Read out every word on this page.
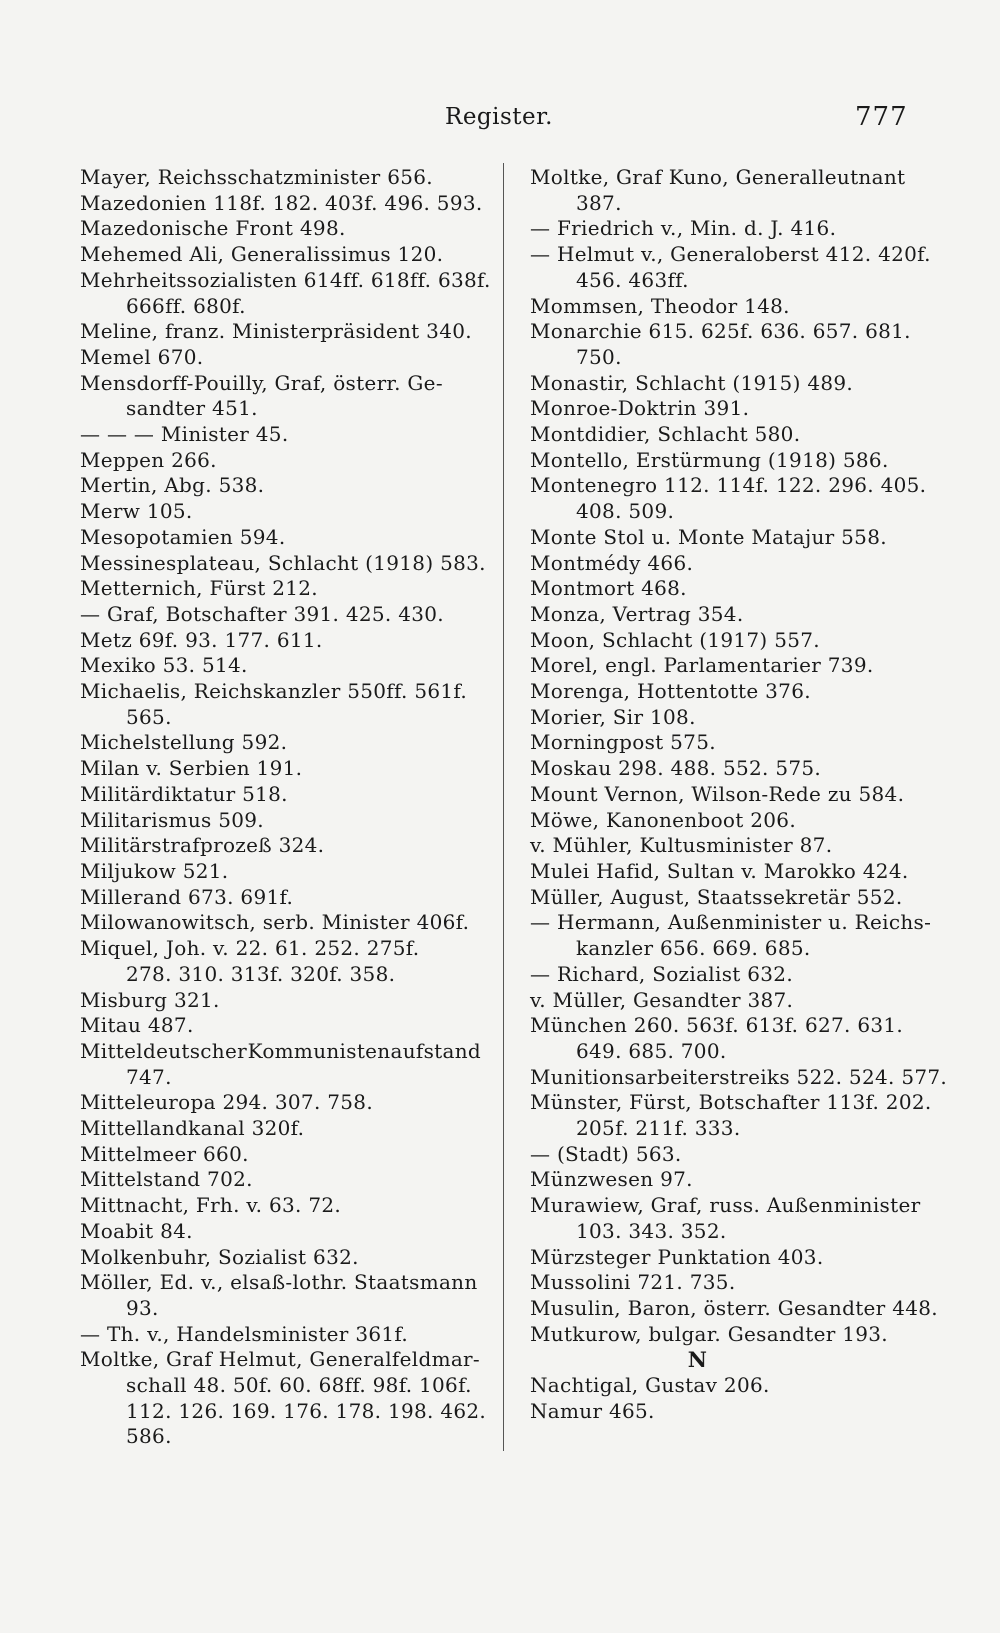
Register.	777
Mayer, Reichsschatzminister 656.
Mazedonien 118f. 182. 403f. 496. 593.
Mazedonische Front 498.
Mehemed Ali, Generalissimus 120.
Mehrheitssozialisten 614ff. 618ff. 638f.
666ff. 680f.
Meline, franz. Ministerpräsident 340.
Memel 670.
Mensdorff-Pouilly, Graf, österr. Ge-
sandter 451.
— — — Minister 45.
Meppen 266.
Mertin, Abg. 538.
Merw 105.
Mesopotamien 594.
Messinesplateau, Schlacht (1918) 583.
Metternich, Fürst 212.
— Graf, Botschafter 391. 425. 430.
Metz 69f. 93. 177. 611.
Mexiko 53. 514.
Michaelis, Reichskanzler 550ff. 561f.
565.
Michelstellung 592.
Milan v. Serbien 191.
Militärdiktatur 518.
Militarismus 509.
Militärstrafprozeß 324.
Miljukow 521.
Millerand 673. 691f.
Milowanowitsch, serb. Minister 406f.
Miquel, Joh. v. 22. 61. 252. 275f.
278. 310. 313f. 320f. 358.
Misburg 321.
Mitau 487.
Mitteldeutscher Kommunistenaufstand
747.
Mitteleuropa 294. 307. 758.
Mittellandkanal 320f.
Mittelmeer 660.
Mittelstand 702.
Mittnacht, Frh. v. 63. 72.
Moabit 84.
Molkenbuhr, Sozialist 632.
Möller, Ed. v., elsaß-lothr. Staatsmann
93.
— Th. v., Handelsminister 361f.
Moltke, Graf Helmut, Generalfeldmar-
schall 48. 50f. 60. 68ff. 98f. 106f.
112. 126. 169. 176. 178. 198. 462.
586.
Moltke, Graf Kuno, Generalleutnant
387.
— Friedrich v., Min. d. J. 416.
— Helmut v., Generaloberst 412. 420f.
456. 463ff.
Mommsen, Theodor 148.
Monarchie 615. 625f. 636. 657. 681.
750.
Monastir, Schlacht (1915) 489.
Monroe-Doktrin 391.
Montdidier, Schlacht 580.
Montello, Erstürmung (1918) 586.
Montenegro 112. 114f. 122. 296. 405.
408. 509.
Monte Stol u. Monte Matajur 558.
Montmédy 466.
Montmort 468.
Monza, Vertrag 354.
Moon, Schlacht (1917) 557.
Morel, engl. Parlamentarier 739.
Morenga, Hottentotte 376.
Morier, Sir 108.
Morningpost 575.
Moskau 298. 488. 552. 575.
Mount Vernon, Wilson-Rede zu 584.
Möwe, Kanonenboot 206.
v. Mühler, Kultusminister 87.
Mulei Hafid, Sultan v. Marokko 424.
Müller, August, Staatssekretär 552.
— Hermann, Außenminister u. Reichs-
kanzler 656. 669. 685.
— Richard, Sozialist 632.
v. Müller, Gesandter 387.
München 260. 563f. 613f. 627. 631.
649. 685. 700.
Munitionsarbeiterstreiks 522. 524. 577.
Münster, Fürst, Botschafter 113f. 202.
205f. 211f. 333.
— (Stadt) 563.
Münzwesen 97.
Murawiew, Graf, russ. Außenminister
103. 343. 352.
Mürzsteger Punktation 403.
Mussolini 721. 735.
Musulin, Baron, österr. Gesandter 448.
Mutkurow, bulgar. Gesandter 193.
N
Nachtigal, Gustav 206.
Namur 465.
